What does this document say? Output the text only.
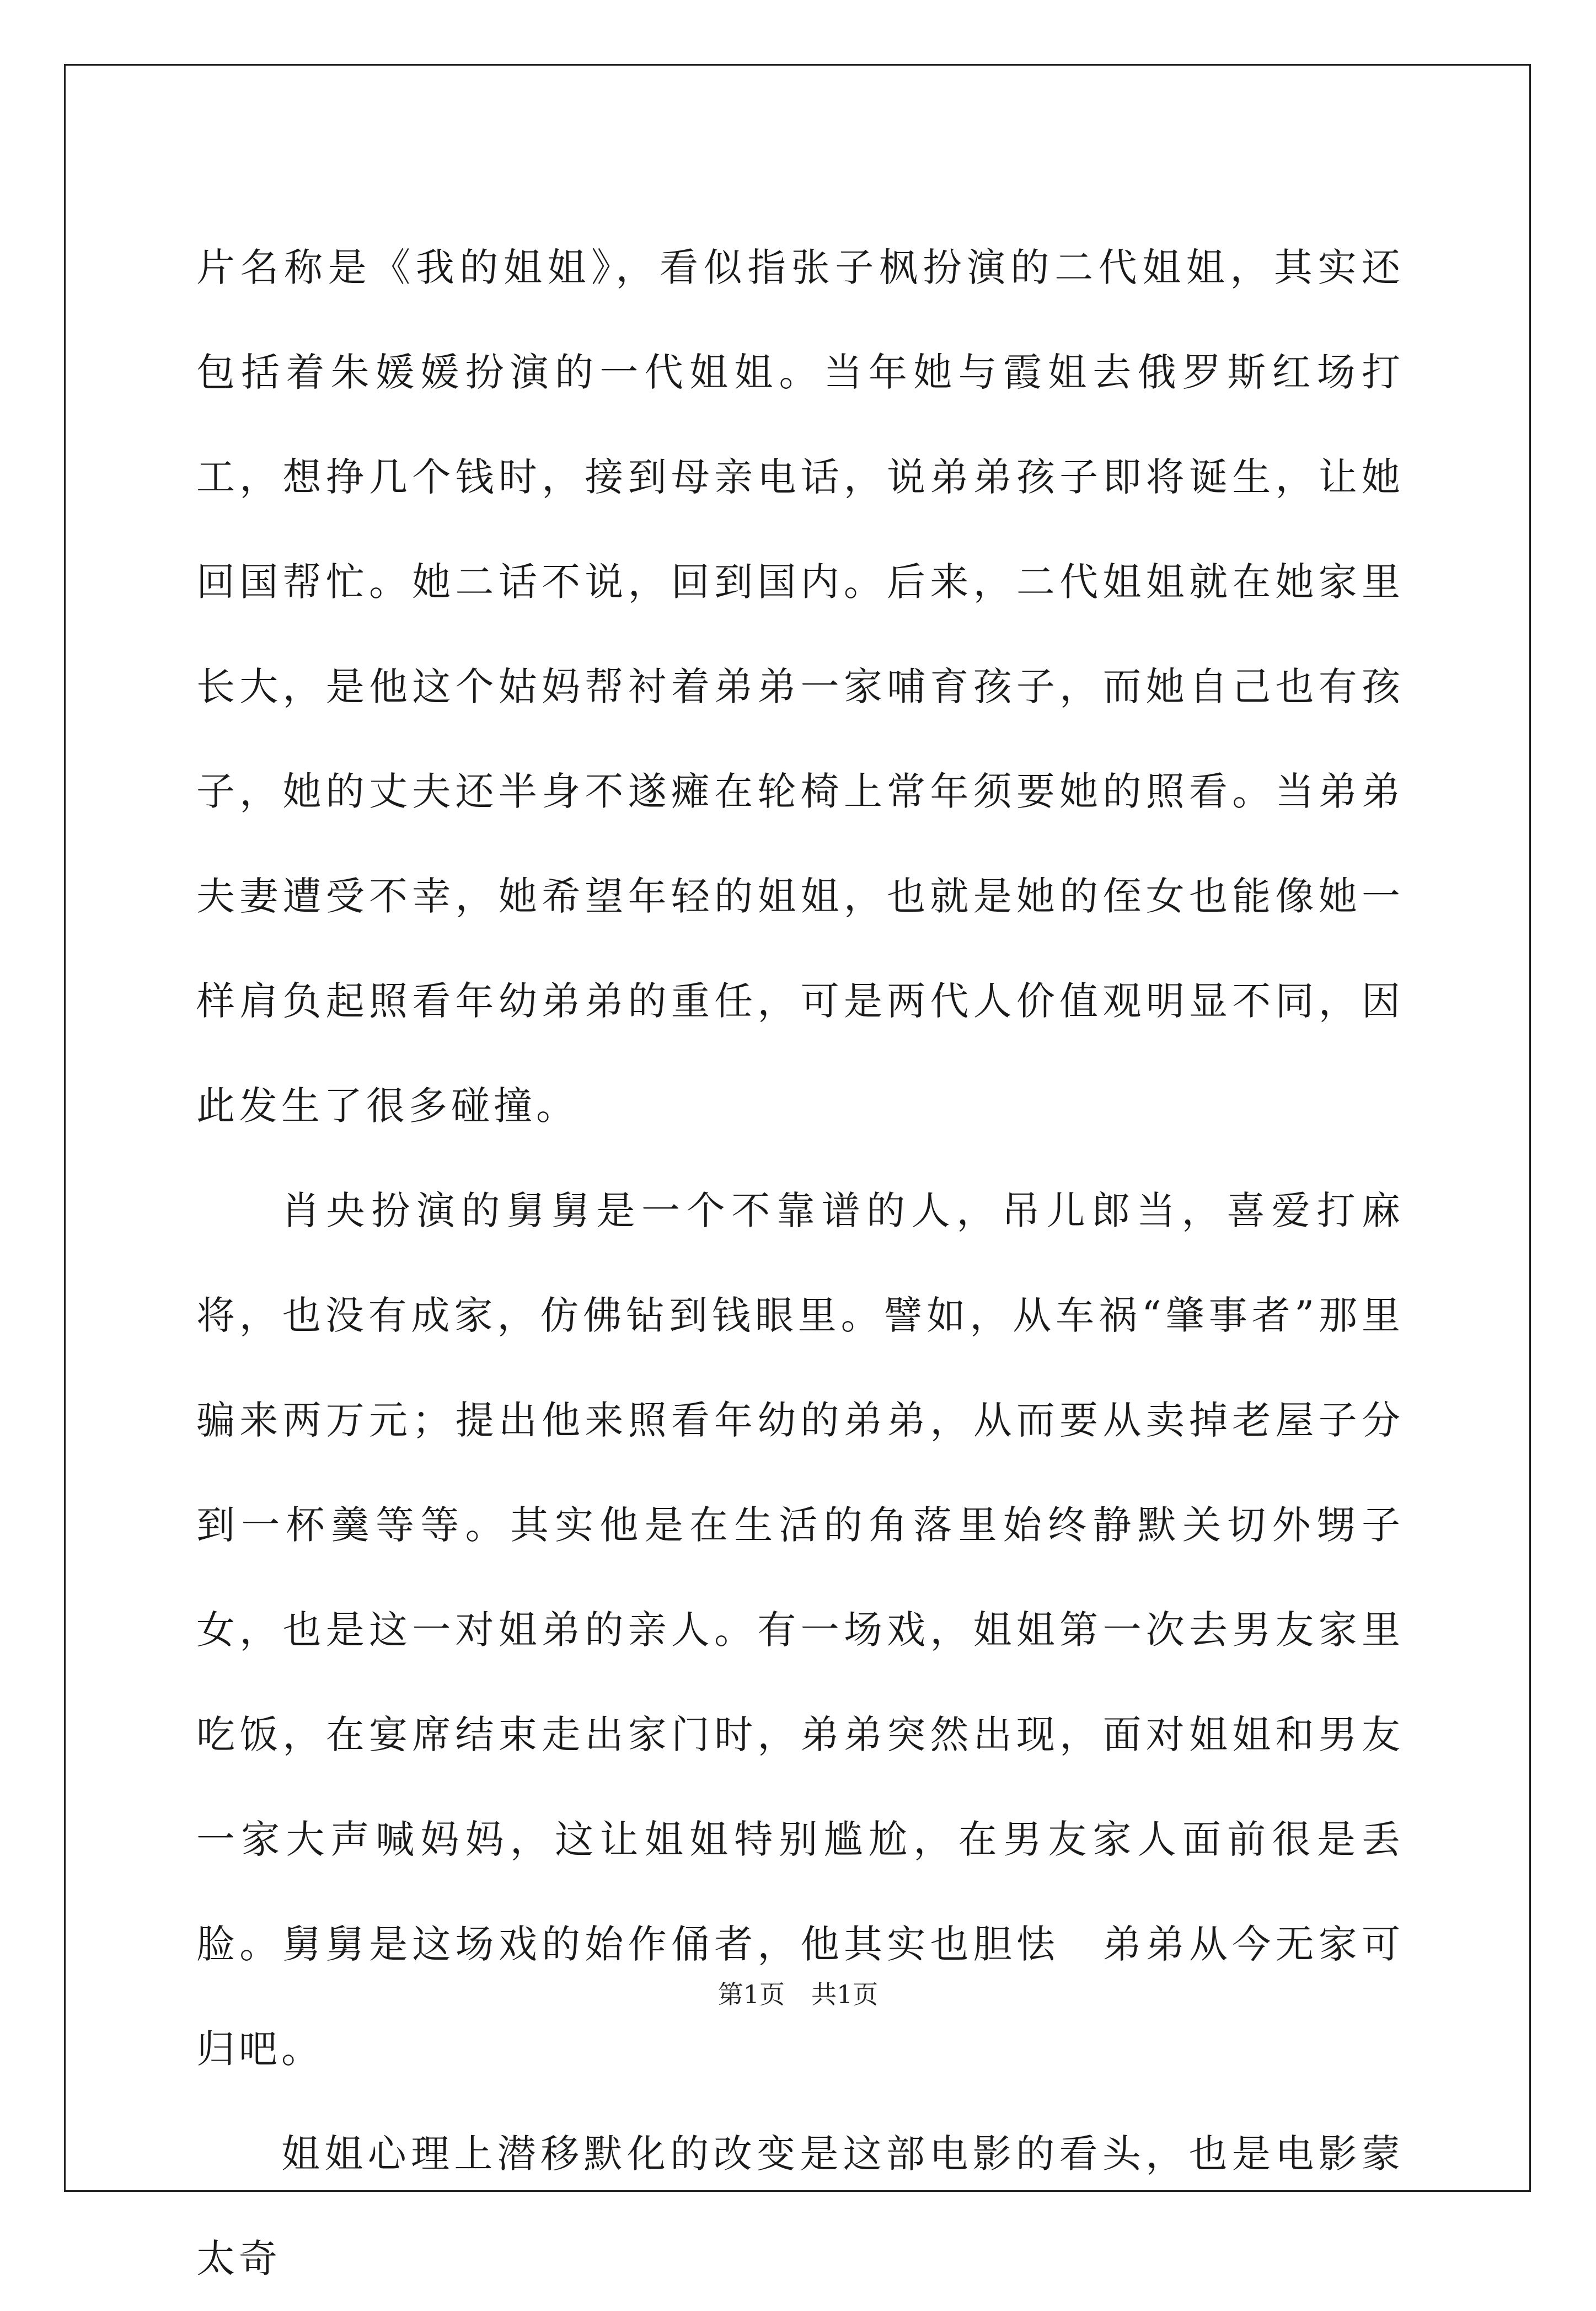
片名称是《我的姐姐》，看似指张子枫扮演的二代姐姐，其实还包括着朱媛媛扮演的一代姐姐。当年她与霞姐去俄罗斯红场打工，想挣几个钱时，接到母亲电话，说弟弟孩子即将诞生，让她回国帮忙。她二话不说，回到国内。后来，二代姐姐就在她家里长大，是他这个姑妈帮衬着弟弟一家哺育孩子，而她自己也有孩子，她的丈夫还半身不遂瘫在轮椅上常年须要她的照看。当弟弟夫妻遭受不幸，她希望年轻的姐姐，也就是她的侄女也能像她一样肩负起照看年幼弟弟的重任，可是两代人价值观明显不同，因此发生了很多碰撞。

肖央扮演的舅舅是一个不靠谱的人，吊儿郎当，喜爱打麻将，也没有成家，仿佛钻到钱眼里。譬如，从车祸“肇事者”那里骗来两万元；提出他来照看年幼的弟弟，从而要从卖掉老屋子分到一杯羹等等。其实他是在生活的角落里始终静默关切外甥子女，也是这一对姐弟的亲人。有一场戏，姐姐第一次去男友家里吃饭，在宴席结束走出家门时，弟弟突然出现，面对姐姐和男友一家大声喊妈妈，这让姐姐特别尴尬，在男友家人面前很是丢脸。舅舅是这场戏的始作俑者，他其实也胆怯　弟弟从今无家可归吧。

姐姐心理上潜移默化的改变是这部电影的看头，也是电影蒙太奇

第1页 共1页
